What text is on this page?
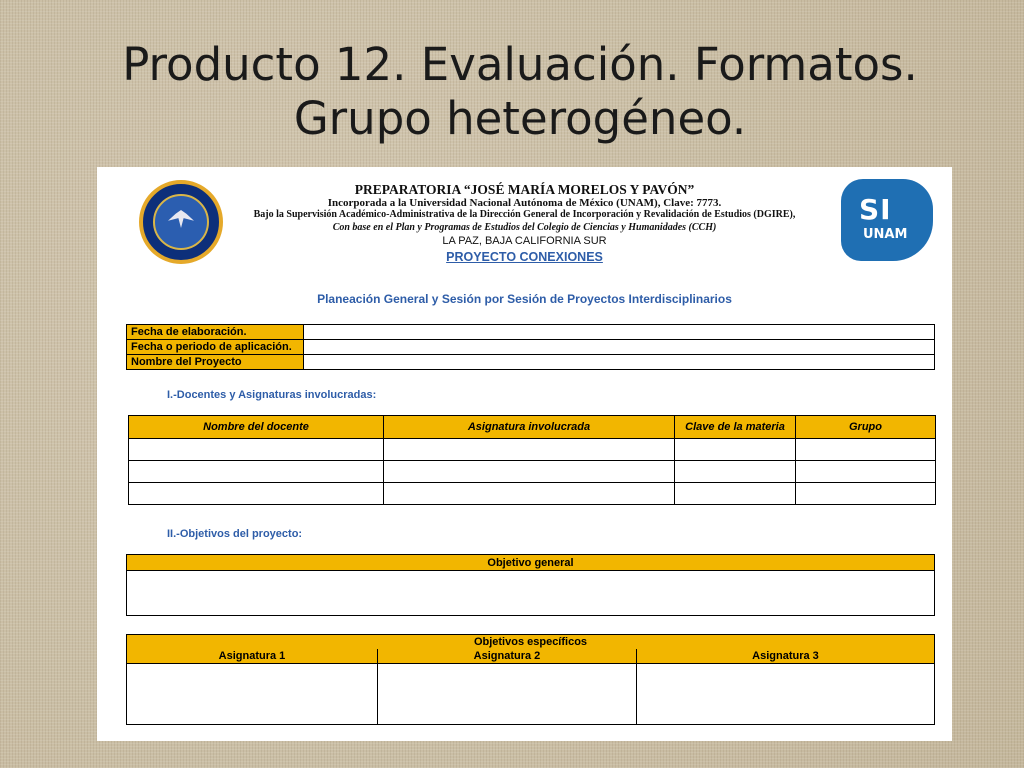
Producto 12. Evaluación. Formatos.
Grupo heterogéneo.
SI
UNAM
PREPARATORIA “JOSÉ MARÍA MORELOS Y PAVÓN”
Incorporada a la Universidad Nacional Autónoma de México (UNAM), Clave: 7773.
Bajo la Supervisión Académico-Administrativa de la Dirección General de Incorporación y Revalidación de Estudios (DGIRE),
Con base en el Plan y Programas de Estudios del Colegio de Ciencias y Humanidades (CCH)
LA PAZ, BAJA CALIFORNIA SUR
PROYECTO CONEXIONES
Planeación General y Sesión por Sesión de Proyectos Interdisciplinarios
Fecha de elaboración.	
Fecha o periodo de aplicación.	
Nombre del Proyecto	
I.-Docentes y Asignaturas involucradas:
Nombre del docente	Asignatura involucrada	Clave de la materia	Grupo

II.-Objetivos del proyecto:
Objetivo general

Objetivos específicos		
Asignatura 1	Asignatura 2	Asignatura 3
